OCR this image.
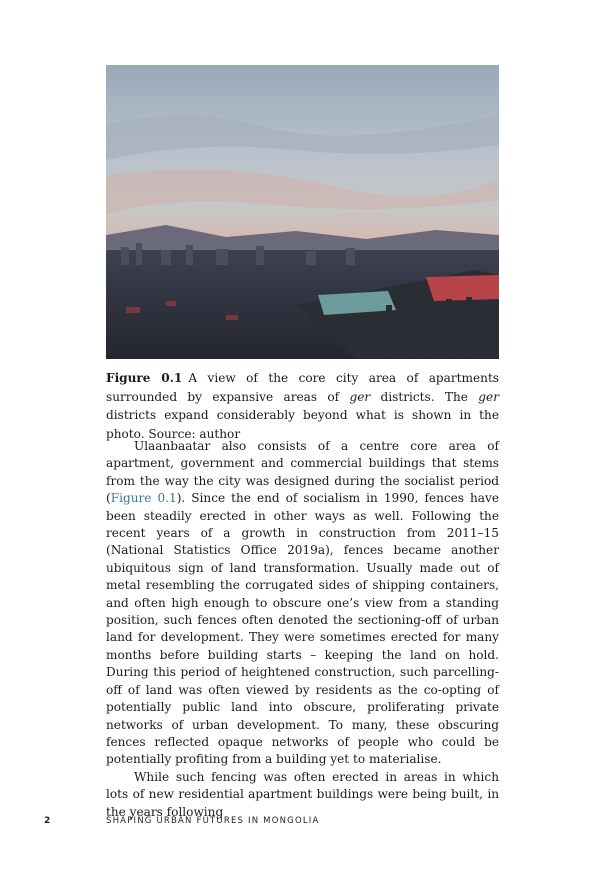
Figure 0.1 A view of the core city area of apartments surrounded by expansive areas of ger districts. The ger districts expand considerably beyond what is shown in the photo. Source: author

Ulaanbaatar also consists of a centre core area of apartment, government and commercial buildings that stems from the way the city was designed during the socialist period (Figure 0.1). Since the end of socialism in 1990, fences have been steadily erected in other ways as well. Following the recent years of a growth in construction from 2011–15 (National Statistics Office 2019a), fences became another ubiquitous sign of land transformation. Usually made out of metal resembling the corrugated sides of shipping containers, and often high enough to obscure one’s view from a standing position, such fences often denoted the sectioning-off of urban land for development. They were sometimes erected for many months before building starts – keeping the land on hold. During this period of heightened construction, such parcelling-off of land was often viewed by residents as the co-opting of potentially public land into obscure, proliferating private networks of urban development. To many, these obscuring fences reflected opaque networks of people who could be potentially profiting from a building yet to materialise.

While such fencing was often erected in areas in which lots of new residential apartment buildings were being built, in the years following

2	SHAPING URBAN FUTURES IN MONGOLIA
